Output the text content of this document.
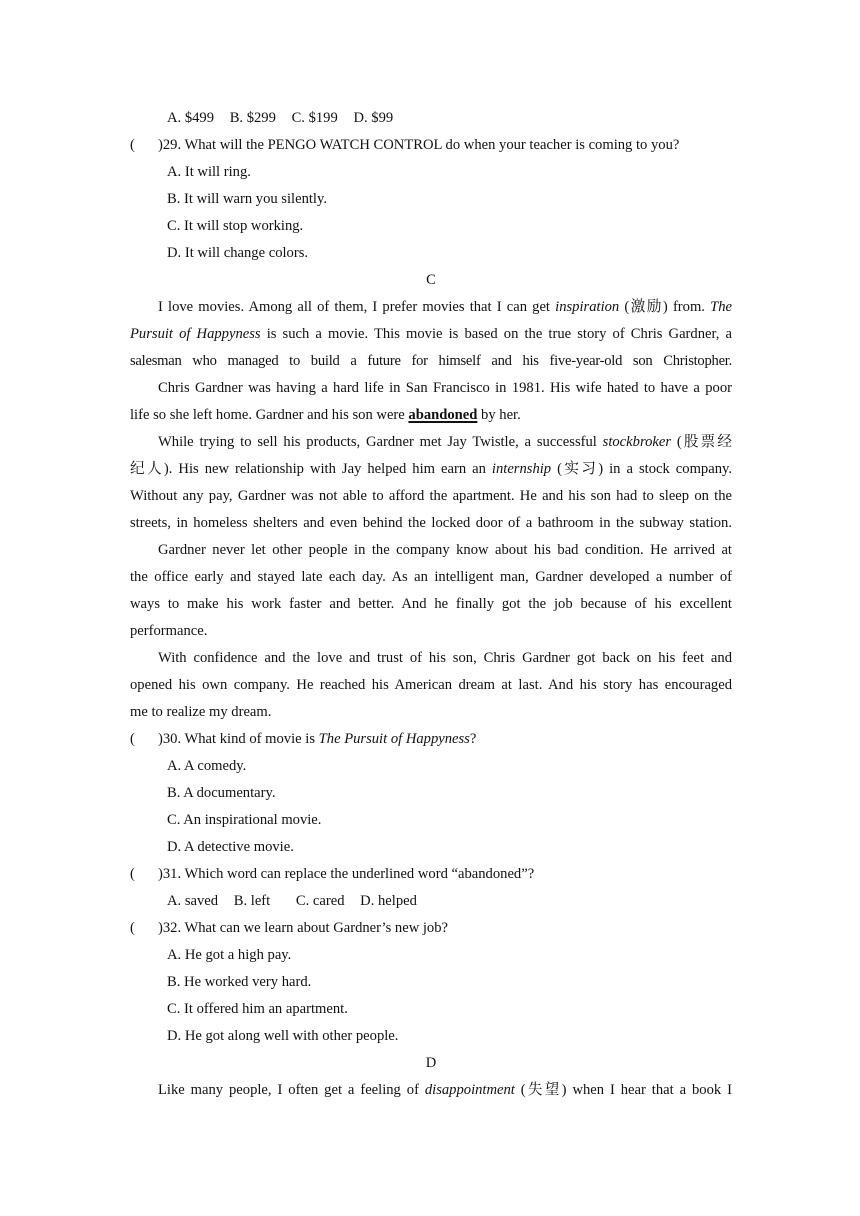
A. $499 B. $299 C. $199 D. $99
( )29. What will the PENGO WATCH CONTROL do when your teacher is coming to you?
A. It will ring.
B. It will warn you silently.
C. It will stop working.
D. It will change colors.
C
I love movies. Among all of them, I prefer movies that I can get inspiration (激励) from. The
Pursuit of Happyness is such a movie. This movie is based on the true story of Chris Gardner, a
salesman who managed to build a future for himself and his five-year-old son Christopher.
Chris Gardner was having a hard life in San Francisco in 1981. His wife hated to have a poor
life so she left home. Gardner and his son were abandoned by her.
While trying to sell his products, Gardner met Jay Twistle, a successful stockbroker (股票经
纪人). His new relationship with Jay helped him earn an internship (实习) in a stock company.
Without any pay, Gardner was not able to afford the apartment. He and his son had to sleep on the
streets, in homeless shelters and even behind the locked door of a bathroom in the subway station.
Gardner never let other people in the company know about his bad condition. He arrived at
the office early and stayed late each day. As an intelligent man, Gardner developed a number of
ways to make his work faster and better. And he finally got the job because of his excellent
performance.
With confidence and the love and trust of his son, Chris Gardner got back on his feet and
opened his own company. He reached his American dream at last. And his story has encouraged
me to realize my dream.
( )30. What kind of movie is The Pursuit of Happyness?
A. A comedy.
B. A documentary.
C. An inspirational movie.
D. A detective movie.
( )31. Which word can replace the underlined word “abandoned”?
A. saved B. left C. cared D. helped
( )32. What can we learn about Gardner’s new job?
A. He got a high pay.
B. He worked very hard.
C. It offered him an apartment.
D. He got along well with other people.
D
Like many people, I often get a feeling of disappointment (失望) when I hear that a book I
